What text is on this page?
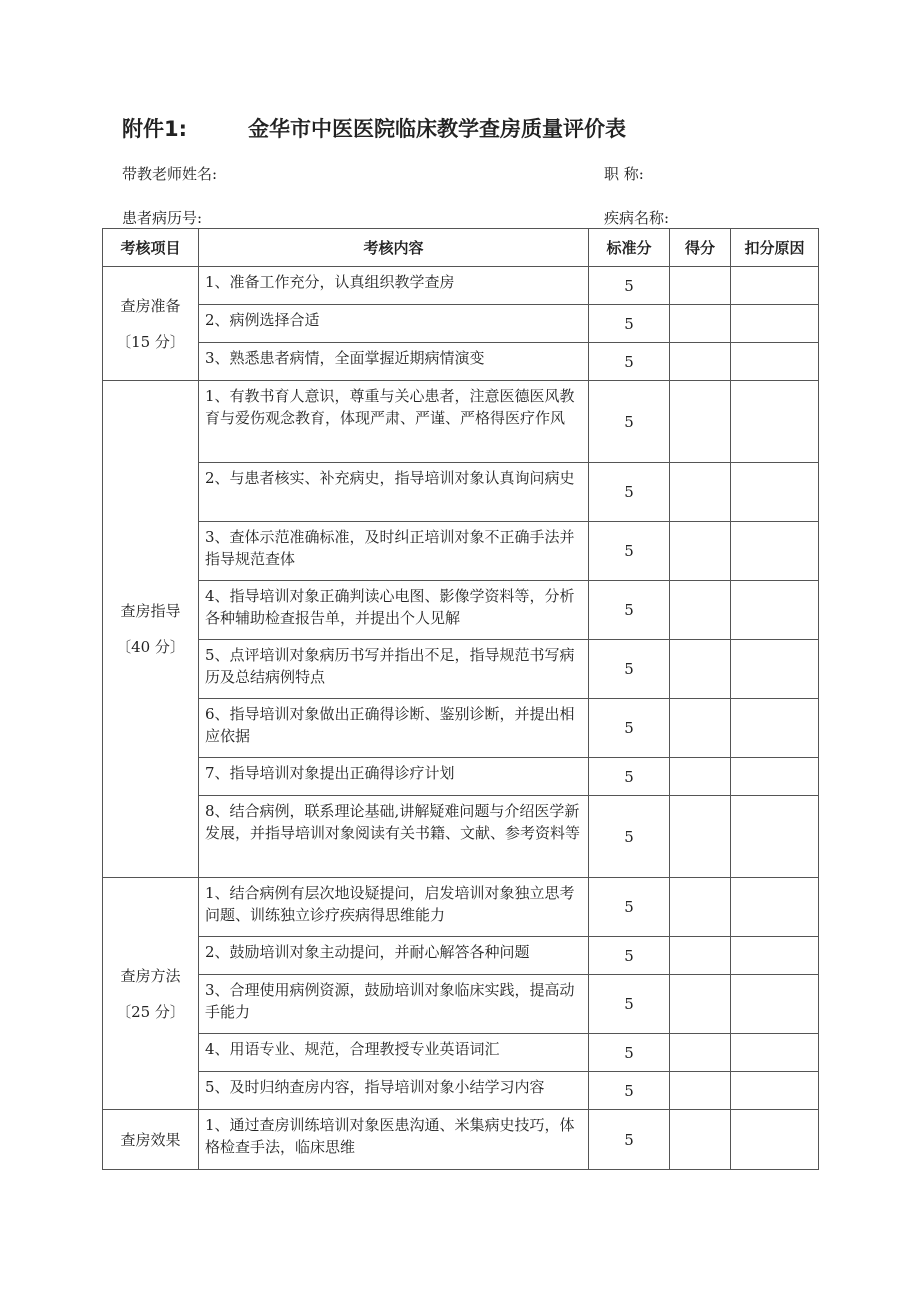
附件1:	金华市中医医院临床教学查房质量评价表
带教老师姓名:	职 称:
患者病历号:	疾病名称:
考核项目	考核内容	标准分	得分	扣分原因

查房准备
〔15 分〕	1、准备工作充分，认真组织教学查房	5		
	2、病例选择合适	5		
	3、熟悉患者病情，全面掌握近期病情演变	5		

查房指导
〔40 分〕	1、有教书育人意识，尊重与关心患者，注意医德医风教育与爱伤观念教育，体现严肃、严谨、严格得医疗作风	5		
	2、与患者核实、补充病史，指导培训对象认真询问病史	5		
	3、查体示范准确标准，及时纠正培训对象不正确手法并指导规范查体	5		
	4、指导培训对象正确判读心电图、影像学资料等，分析各种辅助检查报告单，并提出个人见解	5		
	5、点评培训对象病历书写并指出不足，指导规范书写病历及总结病例特点	5		
	6、指导培训对象做出正确得诊断、鉴别诊断，并提出相应依据	5		
	7、指导培训对象提出正确得诊疗计划	5		
	8、结合病例，联系理论基础,讲解疑难问题与介绍医学新发展，并指导培训对象阅读有关书籍、文献、参考资料等	5		

查房方法
〔25 分〕	1、结合病例有层次地设疑提问，启发培训对象独立思考问题、训练独立诊疗疾病得思维能力	5		
	2、鼓励培训对象主动提问，并耐心解答各种问题	5		
	3、合理使用病例资源，鼓励培训对象临床实践，提高动手能力	5		
	4、用语专业、规范，合理教授专业英语词汇	5		
	5、及时归纳查房内容，指导培训对象小结学习内容	5		

查房效果	1、通过查房训练培训对象医患沟通、米集病史技巧，体格检查手法，临床思维	5		
